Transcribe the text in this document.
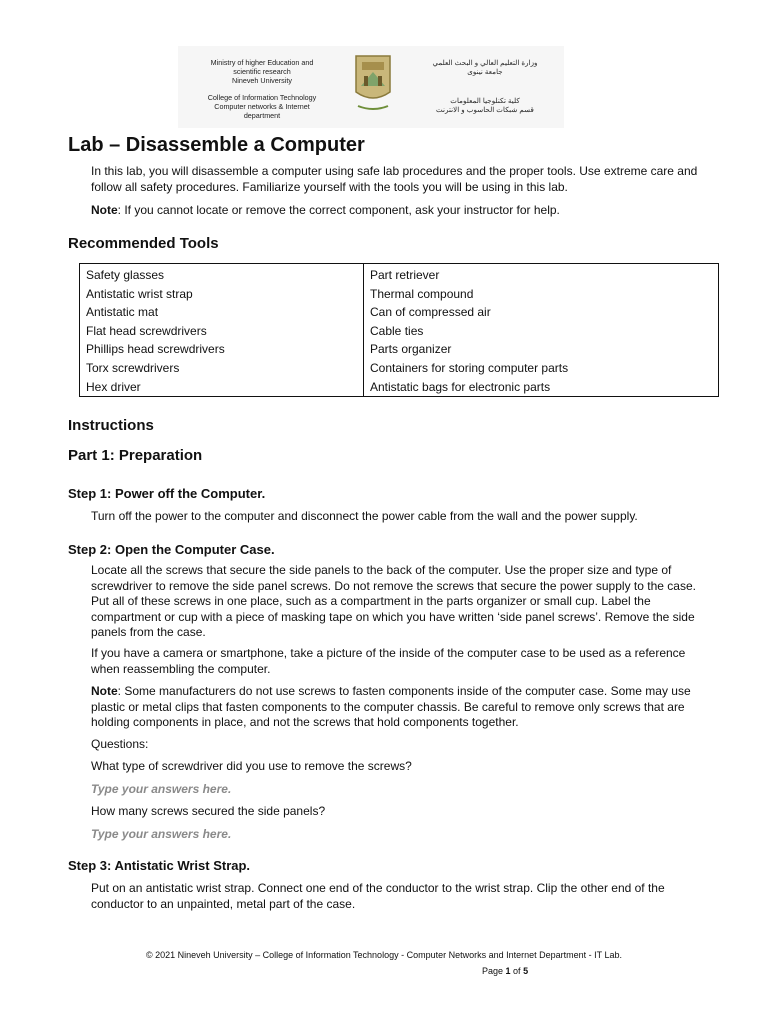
Ministry of higher Education and
scientific research
Nineveh University
College of Information Technology
Computer networks & Internet
department
وزارة التعليم العالي و البحث العلمي
جامعة نينوى
كلية تكنلوجيا المعلومات
قسم شبكات الحاسوب و الانترنت
Lab – Disassemble a Computer

In this lab, you will disassemble a computer using safe lab procedures and the proper tools. Use extreme care and follow all safety procedures. Familiarize yourself with the tools you will be using in this lab.

Note: If you cannot locate or remove the correct component, ask your instructor for help.

Recommended Tools
Safety glasses	Part retriever
Antistatic wrist strap	Thermal compound
Antistatic mat	Can of compressed air
Flat head screwdrivers	Cable ties
Phillips head screwdrivers	Parts organizer
Torx screwdrivers	Containers for storing computer parts
Hex driver	Antistatic bags for electronic parts
Instructions
Part 1: Preparation
Step 1: Power off the Computer.

Turn off the power to the computer and disconnect the power cable from the wall and the power supply.

Step 2: Open the Computer Case.

Locate all the screws that secure the side panels to the back of the computer. Use the proper size and type of screwdriver to remove the side panel screws. Do not remove the screws that secure the power supply to the case. Put all of these screws in one place, such as a compartment in the parts organizer or small cup. Label the compartment or cup with a piece of masking tape on which you have written ‘side panel screws’. Remove the side panels from the case.

If you have a camera or smartphone, take a picture of the inside of the computer case to be used as a reference when reassembling the computer.

Note: Some manufacturers do not use screws to fasten components inside of the computer case. Some may use plastic or metal clips that fasten components to the computer chassis. Be careful to remove only screws that are holding components in place, and not the screws that hold components together.

Questions:

What type of screwdriver did you use to remove the screws?

Type your answers here.

How many screws secured the side panels?

Type your answers here.

Step 3: Antistatic Wrist Strap.

Put on an antistatic wrist strap. Connect one end of the conductor to the wrist strap. Clip the other end of the conductor to an unpainted, metal part of the case.

© 2021 Nineveh University – College of Information Technology - Computer Networks and Internet Department - IT Lab.
Page 1 of 5
